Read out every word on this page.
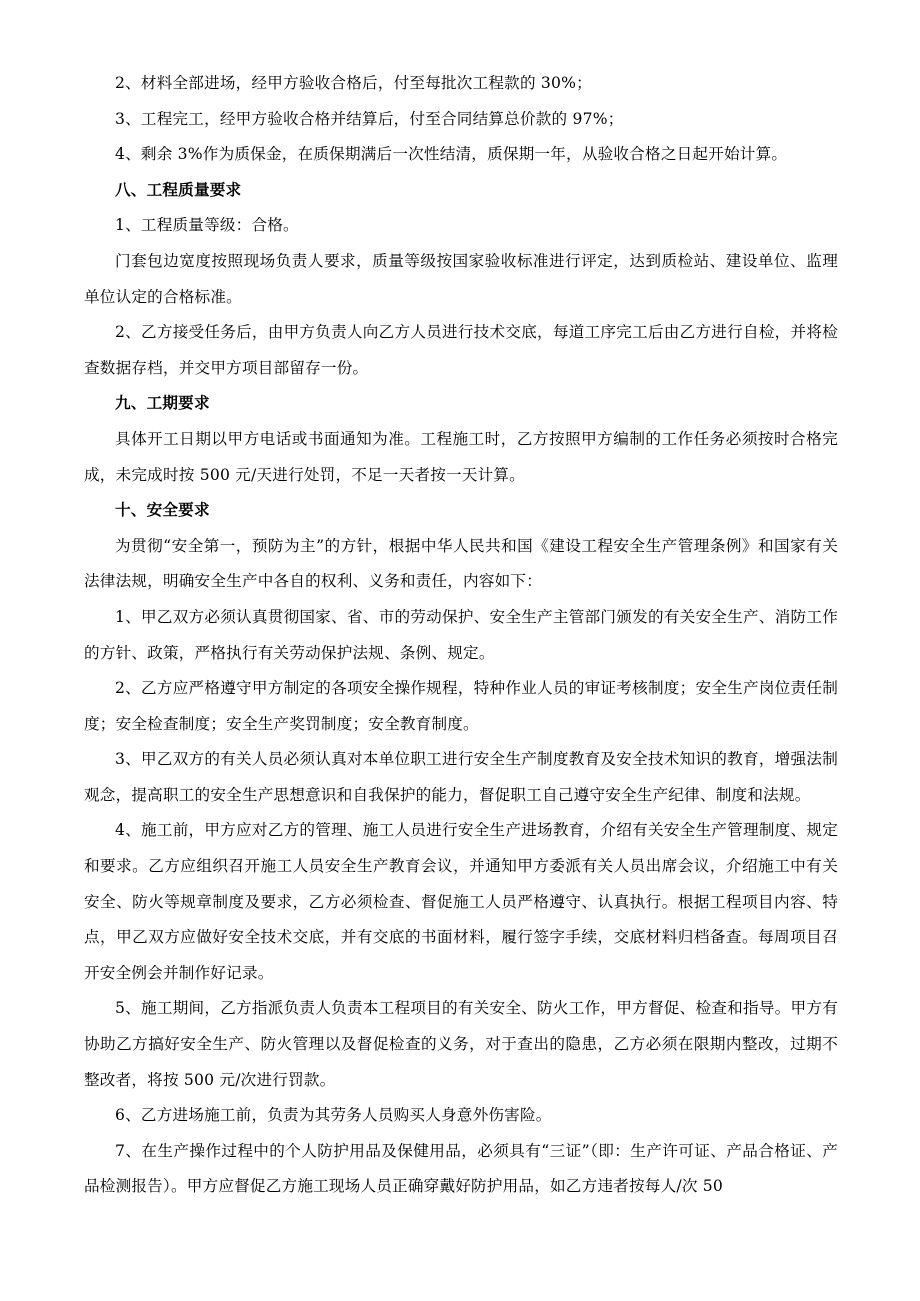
2、材料全部进场，经甲方验收合格后，付至每批次工程款的 30%；

3、工程完工，经甲方验收合格并结算后，付至合同结算总价款的 97%；

4、剩余 3%作为质保金，在质保期满后一次性结清，质保期一年，从验收合格之日起开始计算。

八、工程质量要求

1、工程质量等级：合格。

门套包边宽度按照现场负责人要求，质量等级按国家验收标准进行评定，达到质检站、建设单位、监理单位认定的合格标准。

2、乙方接受任务后，由甲方负责人向乙方人员进行技术交底，每道工序完工后由乙方进行自检，并将检查数据存档，并交甲方项目部留存一份。

九、工期要求

具体开工日期以甲方电话或书面通知为准。工程施工时，乙方按照甲方编制的工作任务必须按时合格完成，未完成时按 500 元/天进行处罚，不足一天者按一天计算。

十、安全要求

为贯彻“安全第一，预防为主”的方针，根据中华人民共和国《建设工程安全生产管理条例》和国家有关法律法规，明确安全生产中各自的权利、义务和责任，内容如下：

1、甲乙双方必须认真贯彻国家、省、市的劳动保护、安全生产主管部门颁发的有关安全生产、消防工作的方针、政策，严格执行有关劳动保护法规、条例、规定。

2、乙方应严格遵守甲方制定的各项安全操作规程，特种作业人员的审证考核制度；安全生产岗位责任制度；安全检查制度；安全生产奖罚制度；安全教育制度。

3、甲乙双方的有关人员必须认真对本单位职工进行安全生产制度教育及安全技术知识的教育，增强法制观念，提高职工的安全生产思想意识和自我保护的能力，督促职工自己遵守安全生产纪律、制度和法规。

4、施工前，甲方应对乙方的管理、施工人员进行安全生产进场教育，介绍有关安全生产管理制度、规定和要求。乙方应组织召开施工人员安全生产教育会议，并通知甲方委派有关人员出席会议，介绍施工中有关安全、防火等规章制度及要求，乙方必须检查、督促施工人员严格遵守、认真执行。根据工程项目内容、特点，甲乙双方应做好安全技术交底，并有交底的书面材料，履行签字手续，交底材料归档备查。每周项目召开安全例会并制作好记录。

5、施工期间，乙方指派负责人负责本工程项目的有关安全、防火工作，甲方督促、检查和指导。甲方有协助乙方搞好安全生产、防火管理以及督促检查的义务，对于查出的隐患，乙方必须在限期内整改，过期不整改者，将按 500 元/次进行罚款。

6、乙方进场施工前，负责为其劳务人员购买人身意外伤害险。

7、在生产操作过程中的个人防护用品及保健用品，必须具有“三证”（即：生产许可证、产品合格证、产品检测报告）。甲方应督促乙方施工现场人员正确穿戴好防护用品，如乙方违者按每人/次 50
